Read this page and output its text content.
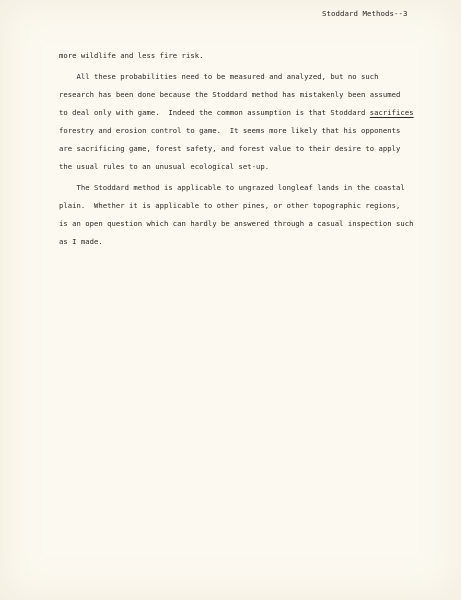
Stoddard Methods--3
more wildlife and less fire risk.
All these probabilities need to be measured and analyzed, but no such
research has been done because the Stoddard method has mistakenly been assumed
to deal only with game.  Indeed the common assumption is that Stoddard sacrifices
forestry and erosion control to game.  It seems more likely that his opponents
are sacrificing game, forest safety, and forest value to their desire to apply
the usual rules to an unusual ecological set-up.
The Stoddard method is applicable to ungrazed longleaf lands in the coastal
plain.  Whether it is applicable to other pines, or other topographic regions,
is an open question which can hardly be answered through a casual inspection such
as I made.
